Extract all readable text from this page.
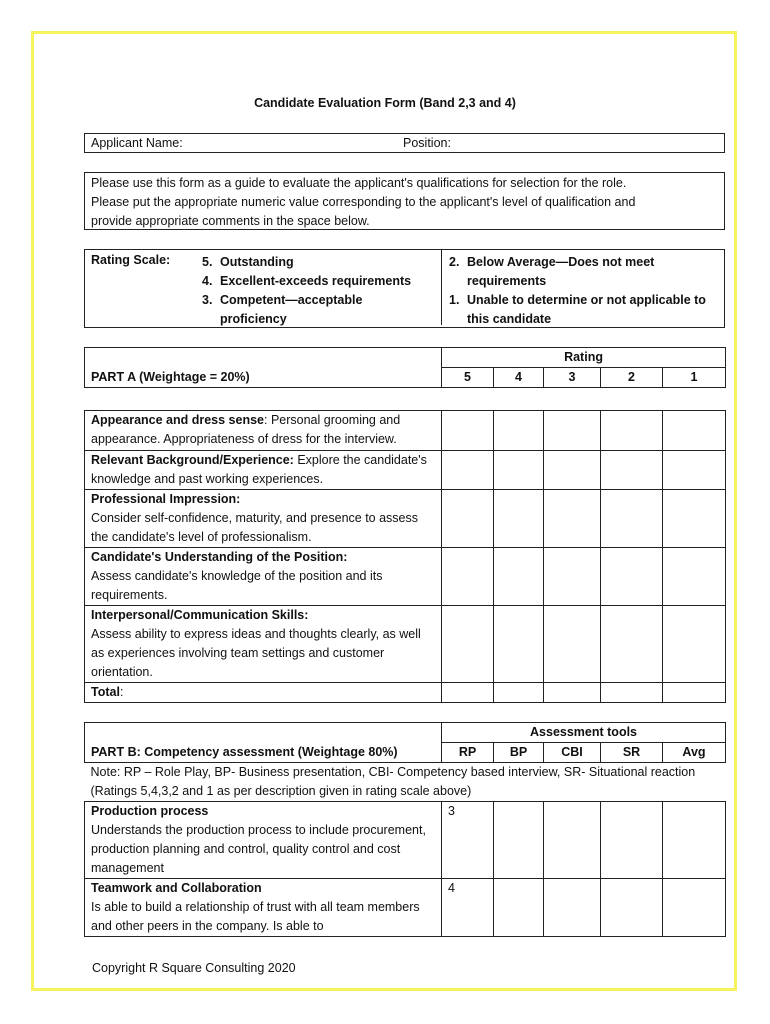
Candidate Evaluation Form (Band 2,3 and 4)
Applicant Name:	Position:
Please use this form as a guide to evaluate the applicant's qualifications for selection for the role.
Please put the appropriate numeric value corresponding to the applicant's level of qualification and
provide appropriate comments in the space below.
Rating Scale:	5. Outstanding
4. Excellent-exceeds requirements
3. Competent—acceptable proficiency
2. Below Average—Does not meet requirements
1. Unable to determine or not applicable to this candidate
PART A (Weightage = 20%)	Rating				
	5	4	3	2	1
Appearance and dress sense: Personal grooming and appearance. Appropriateness of dress for the interview.					
Relevant Background/Experience: Explore the candidate's knowledge and past working experiences.					

Professional Impression:
Consider self-confidence, maturity, and presence to assess the candidate's level of professionalism.					

Candidate's Understanding of the Position:
Assess candidate's knowledge of the position and its requirements.					

Interpersonal/Communication Skills:
Assess ability to express ideas and thoughts clearly, as well as experiences involving team settings and customer orientation.					
Total:					
PART B: Competency assessment (Weightage 80%)	Assessment tools				
	RP	BP	CBI	SR	Avg
Note: RP – Role Play, BP- Business presentation, CBI- Competency based interview, SR- Situational reaction (Ratings 5,4,3,2 and 1 as per description given in rating scale above)					

Production process
Understands the production process to include procurement, production planning and control, quality control and cost management	3				

Teamwork and Collaboration
Is able to build a relationship of trust with all team members and other peers in the company. Is able to	4				
Copyright R Square Consulting 2020
